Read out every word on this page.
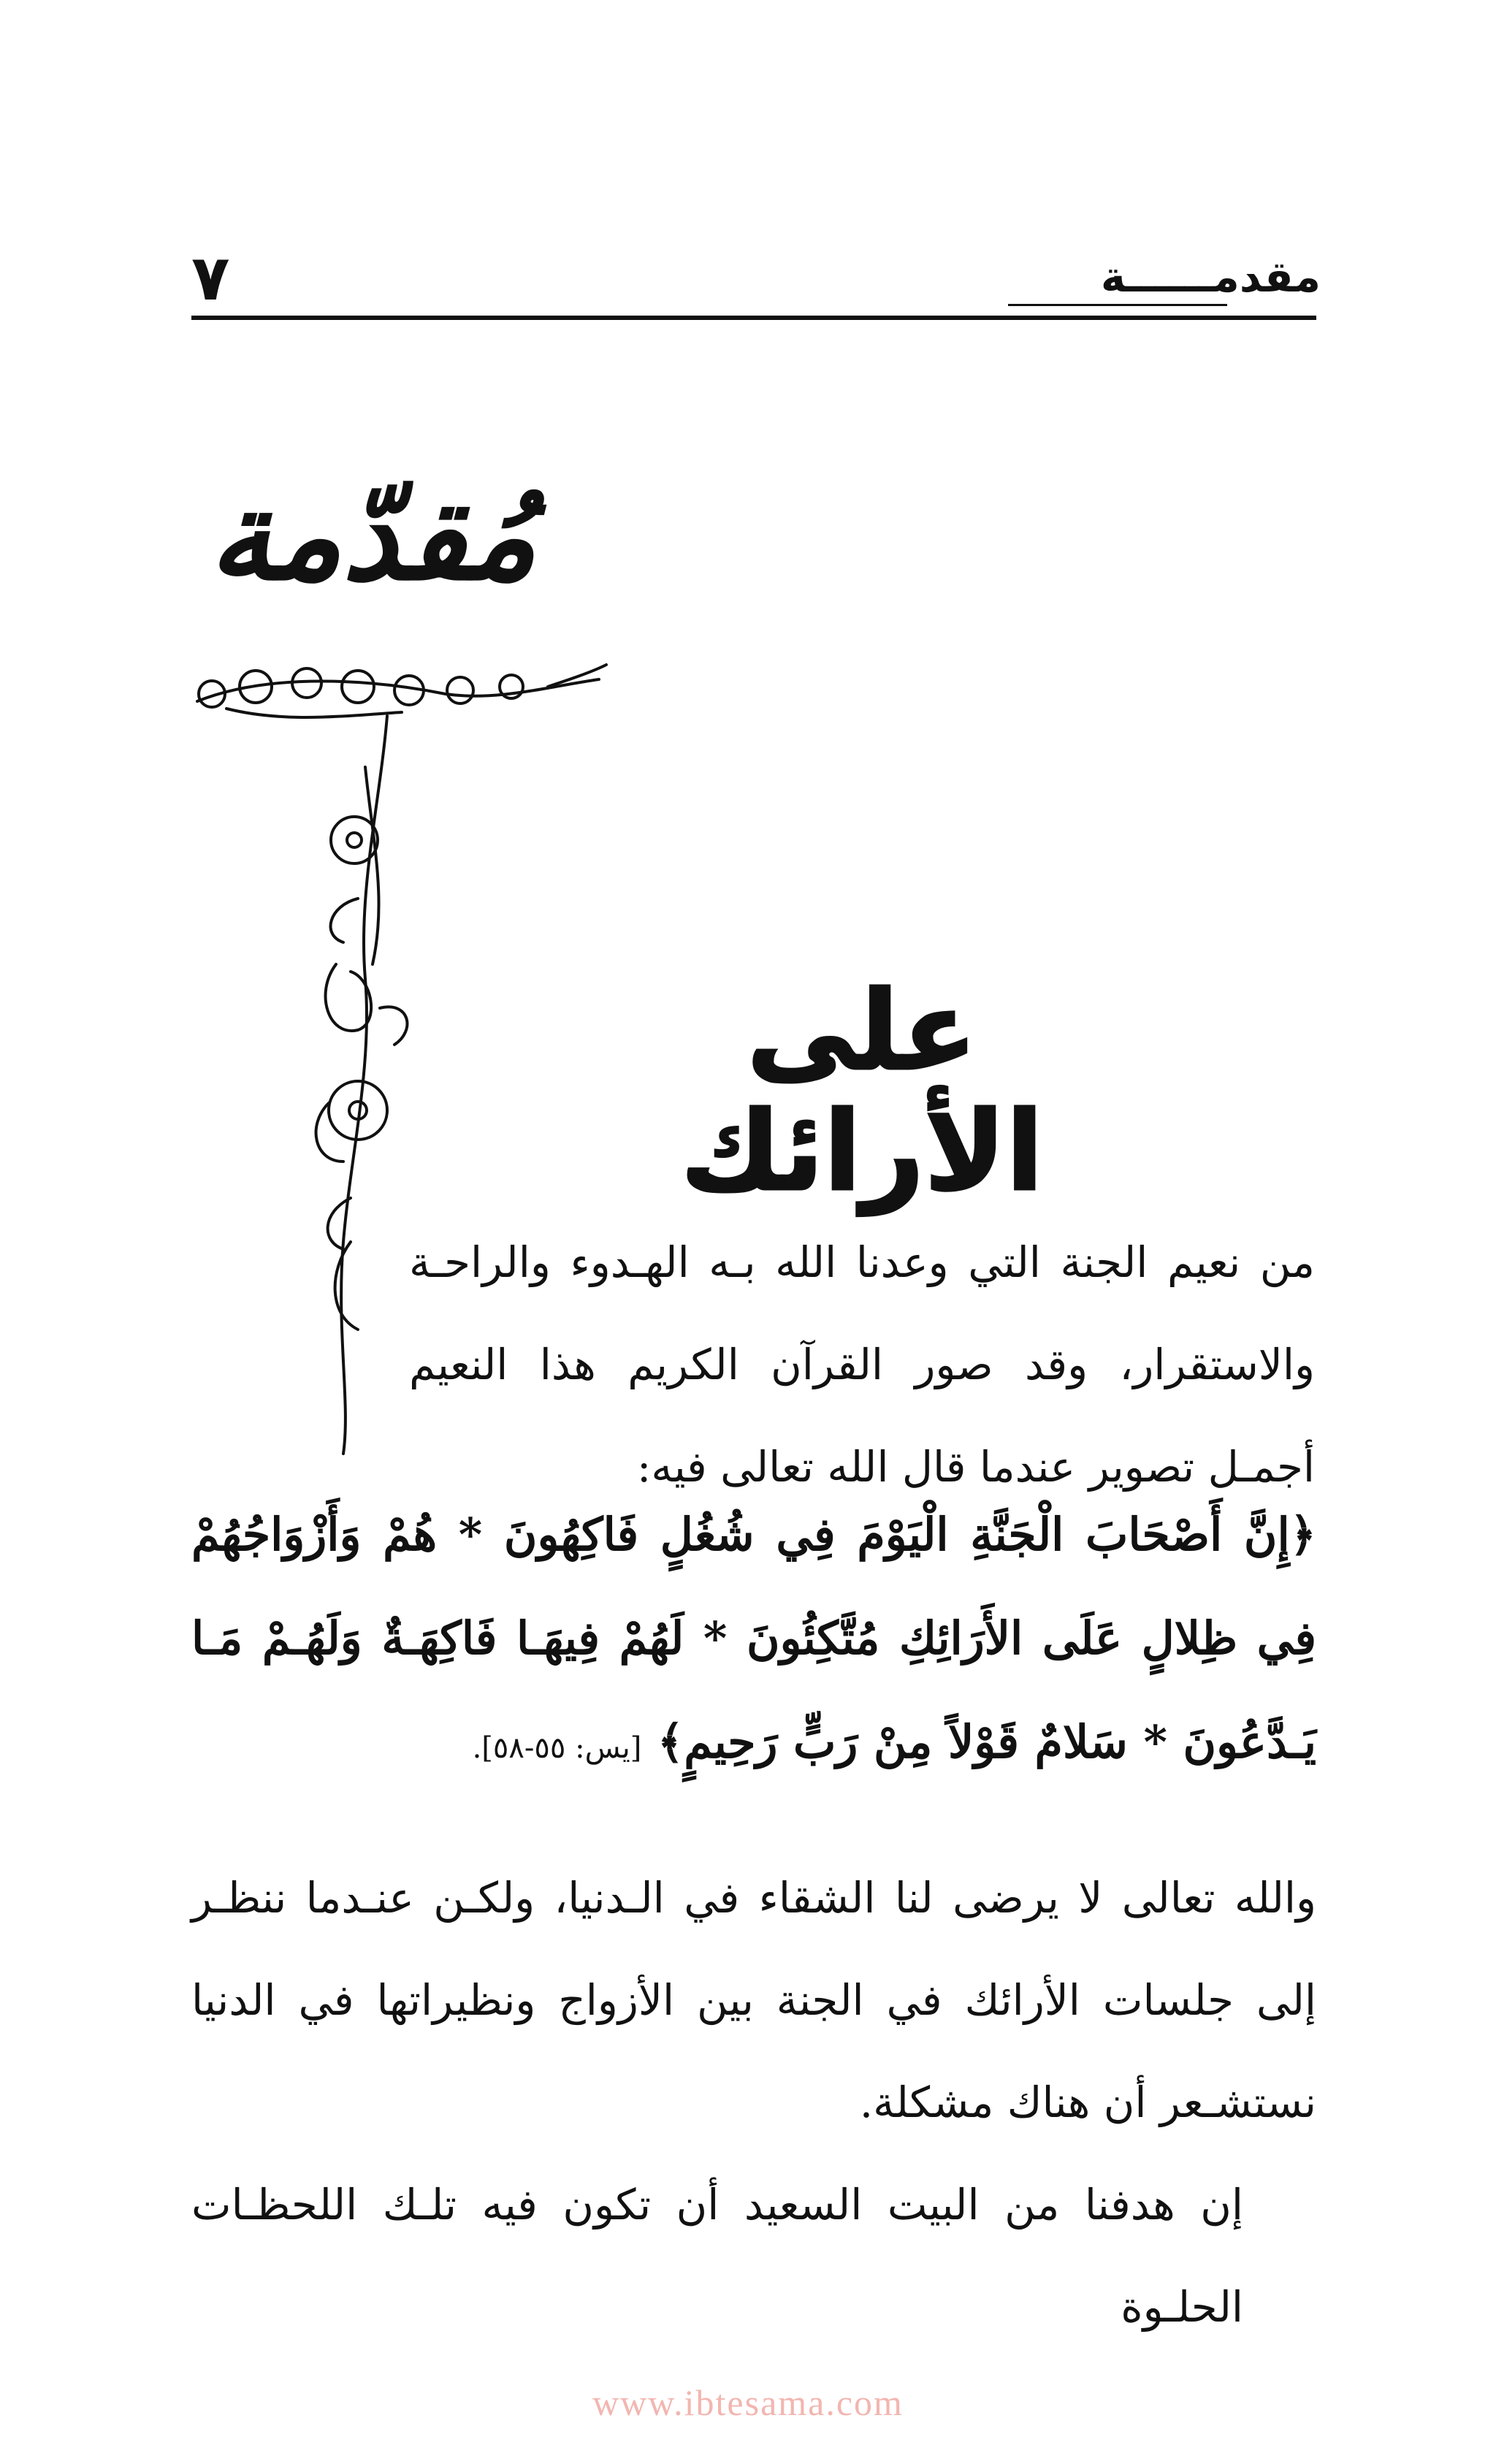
٧	مقدمــــــة
مُقدّمة
على الأرائك

من نعيم الجنة التي وعدنا الله بـه الهـدوء والراحـة والاستقرار، وقد صور القرآن الكريم هذا النعيم أجمـل تصوير عندما قال الله تعالى فيه:

﴿إِنَّ أَصْحَابَ الْجَنَّةِ الْيَوْمَ فِي شُغُلٍ فَاكِهُونَ * هُمْ وَأَزْوَاجُهُمْ فِي ظِلالٍ عَلَى الأَرَائِكِ مُتَّكِئُونَ * لَهُمْ فِيهَـا فَاكِهَـةٌ وَلَهُـمْ مَـا يَـدَّعُونَ * سَلامٌ قَوْلاً مِنْ رَبٍّ رَحِيمٍ﴾ [يس: ٥٥-٥٨].

والله تعالى لا يرضى لنا الشقاء في الـدنيا، ولكـن عنـدما ننظـر إلى جلسات الأرائك في الجنة بين الأزواج ونظيراتها في الدنيا نستشـعر أن هناك مشكلة.

إن هدفنا من البيت السعيد أن تكون فيه تلـك اللحظـات الحلـوة

www.ibtesama.com
